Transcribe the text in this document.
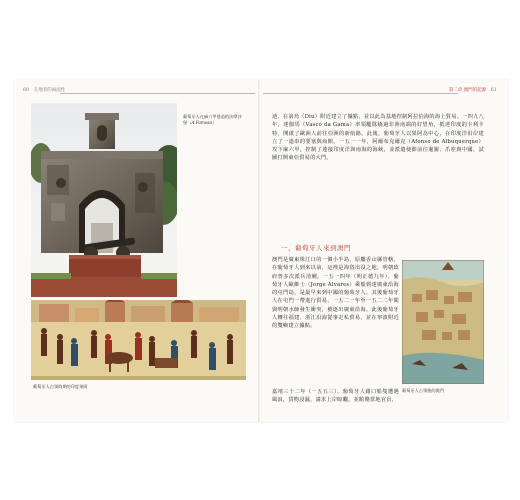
60 在地者的兩面性	第二章 澳門的起源 61
葡萄牙人在麻六甲建造的法摩沙堡（A Famosa）
葡萄牙人占領時期的印度果阿
迪，在第烏（Diu）附近建立了據點，並以此為基地控制阿拉伯海的海上貿易。一四九八年，達伽馬（Vasco da Gama）率領艦隊繞過非洲南端的好望角，抵達印度的卡利卡特，開啟了歐洲人前往亞洲的新航路。此後，葡萄牙人以果阿為中心，在印度洋沿岸建立了一連串的要塞與商館。一五一一年，阿爾布克爾克（Afonso de Albuquerque）攻下麻六甲，控制了連接印度洋與南海的海峽，並派遣使節前往暹羅、爪哇與中國，試圖打開東亞貿易的大門。
一、葡萄牙人來到澳門
澳門是廣東珠江口的一個小半島，原屬香山縣管轄。在葡萄牙人到來以前，這裡是海盜出沒之地，明朝政府曾多次派兵清剿。一五一四年（明正德九年），葡萄牙人歐維士（Jorge Álvares）乘船到達廣東沿海的屯門島，是最早來到中國的葡萄牙人。其後葡萄牙人在屯門一帶進行貿易，一五二一年至一五二二年間與明朝水師發生衝突，被逐出廣東沿海。此後葡萄牙人轉往福建、浙江沿海從事走私貿易，並在寧波附近的雙嶼建立據點。
葡萄牙人占領後的澳門
嘉靖三十二年（一五五三），葡萄牙人藉口船隻遭遇風浪，貨物浸濕，請求上岸晾曬，並賄賂當地官員，
